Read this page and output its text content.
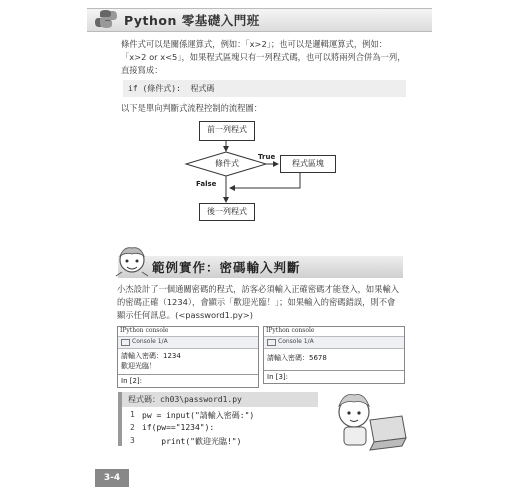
Python 零基礎入門班
條件式可以是關係運算式，例如：「x>2」；也可以是邏輯運算式，例如：
「x>2 or x<5」，如果程式區塊只有一列程式碼，也可以將兩列合併為一列，
直接寫成：
if (條件式):  程式碼
以下是單向判斷式流程控制的流程圖：
前一列程式
條件式
True
程式區塊
False
後一列程式
範例實作：密碼輸入判斷
小杰設計了一個通關密碼的程式，訪客必須輸入正確密碼才能登入，如果輸入
的密碼正確（1234），會顯示「歡迎光臨！」；如果輸入的密碼錯誤，則不會
顯示任何訊息。(<password1.py>)
IPython console
Console 1/A
請輸入密碼：1234
歡迎光臨！
In [2]:
IPython console
Console 1/A
請輸入密碼：5678
In [3]:
程式碼：ch03\password1.py
1 pw = input("請輸入密碼:")
2 if(pw=="1234"):
3 print("歡迎光臨!")
3-4
